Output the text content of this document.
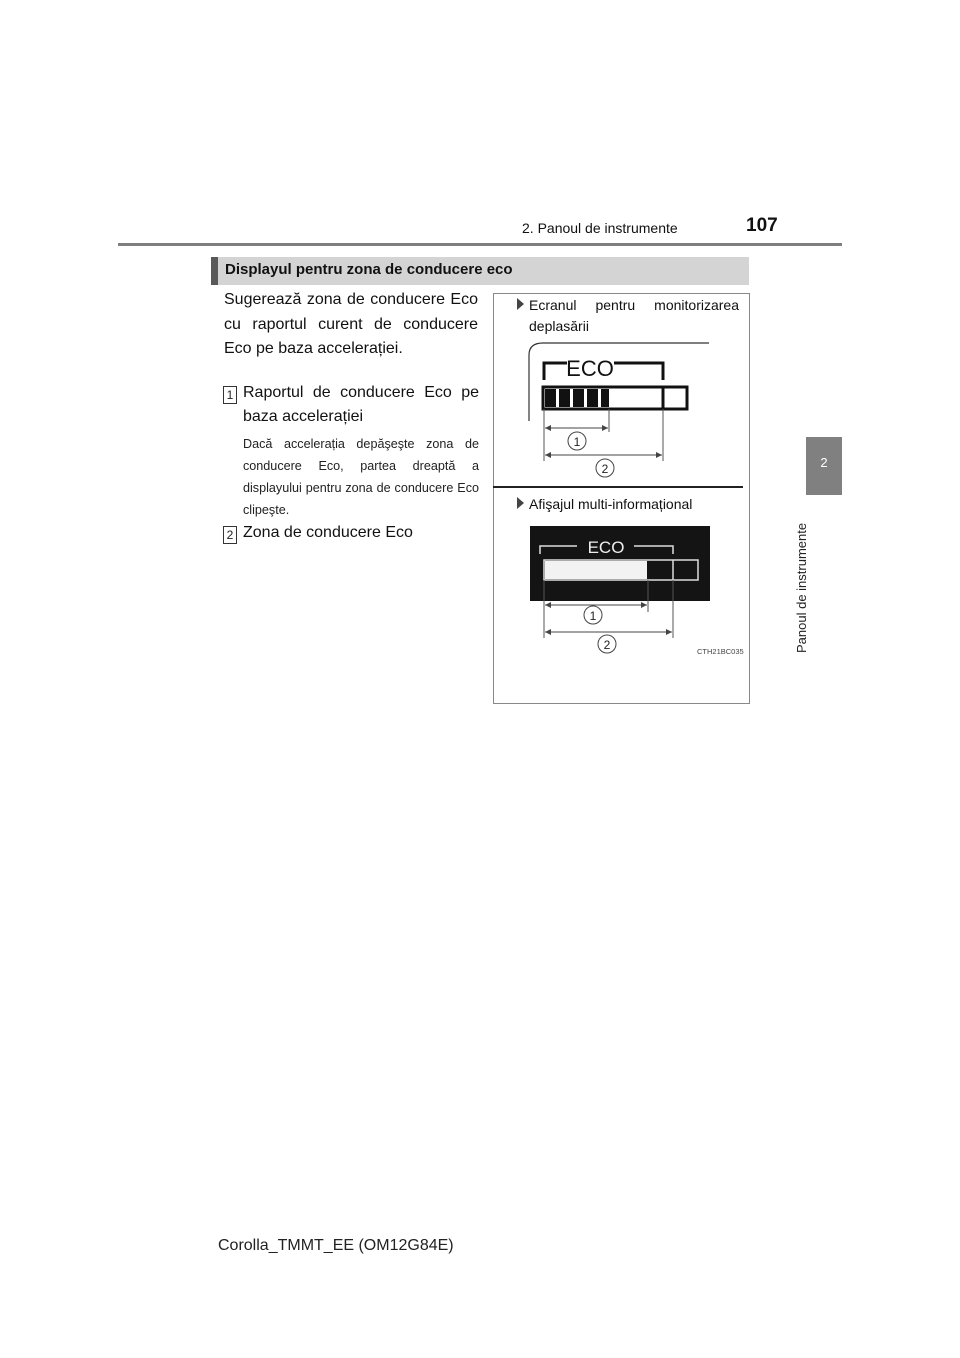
2. Panoul de instrumente	107
2
Panoul de instrumente
Displayul pentru zona de conducere eco
Sugerează zona de conducere Eco cu raportul curent de conducere Eco pe baza accelerației.
1 Raportul de conducere Eco pe baza accelerației
Dacă accelerația depăşeşte zona de conducere Eco, partea dreaptă a displayului pentru zona de conducere Eco clipeşte.
2 Zona de conducere Eco
Ecranul pentru monitorizarea deplasării
ECO
1
2
Afişajul multi-informațional
ECO
1
2	CTH21BC035
Corolla_TMMT_EE (OM12G84E)
